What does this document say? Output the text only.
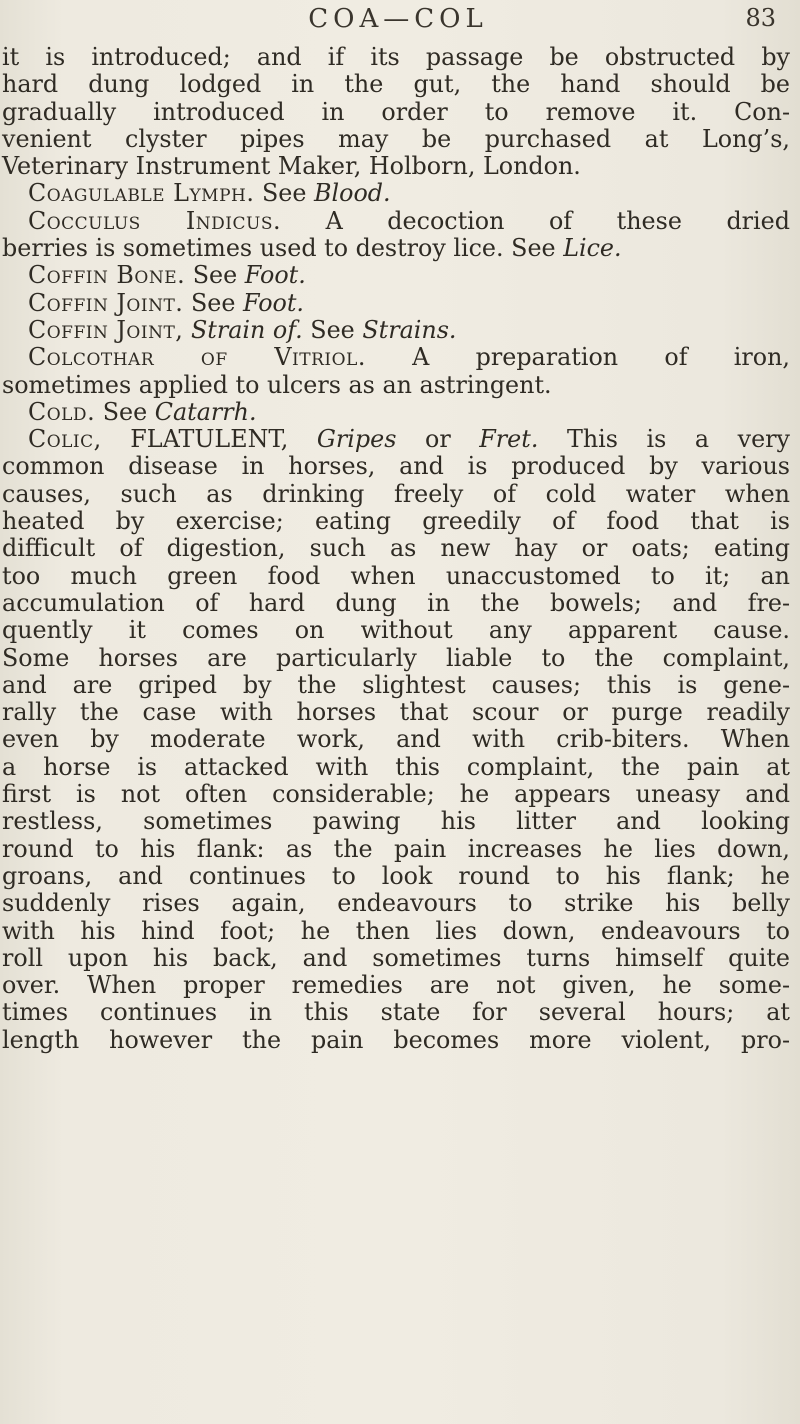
COA—COL	83
it is introduced; and if its passage be obstructed by
hard dung lodged in the gut, the hand should be
gradually introduced in order to remove it. Con-
venient clyster pipes may be purchased at Long’s,
Veterinary Instrument Maker, Holborn, London.
Coagulable Lymph. See Blood.
Cocculus Indicus. A decoction of these dried
berries is sometimes used to destroy lice. See Lice.
Coffin Bone. See Foot.
Coffin Joint. See Foot.
Coffin Joint, Strain of. See Strains.
Colcothar of Vitriol. A preparation of iron,
sometimes applied to ulcers as an astringent.
Cold. See Catarrh.
Colic, FLATULENT, Gripes or Fret. This is a very
common disease in horses, and is produced by various
causes, such as drinking freely of cold water when
heated by exercise; eating greedily of food that is
difficult of digestion, such as new hay or oats; eating
too much green food when unaccustomed to it; an
accumulation of hard dung in the bowels; and fre-
quently it comes on without any apparent cause.
Some horses are particularly liable to the complaint,
and are griped by the slightest causes; this is gene-
rally the case with horses that scour or purge readily
even by moderate work, and with crib-biters. When
a horse is attacked with this complaint, the pain at
first is not often considerable; he appears uneasy and
restless, sometimes pawing his litter and looking
round to his flank: as the pain increases he lies down,
groans, and continues to look round to his flank; he
suddenly rises again, endeavours to strike his belly
with his hind foot; he then lies down, endeavours to
roll upon his back, and sometimes turns himself quite
over. When proper remedies are not given, he some-
times continues in this state for several hours; at
length however the pain becomes more violent, pro-
